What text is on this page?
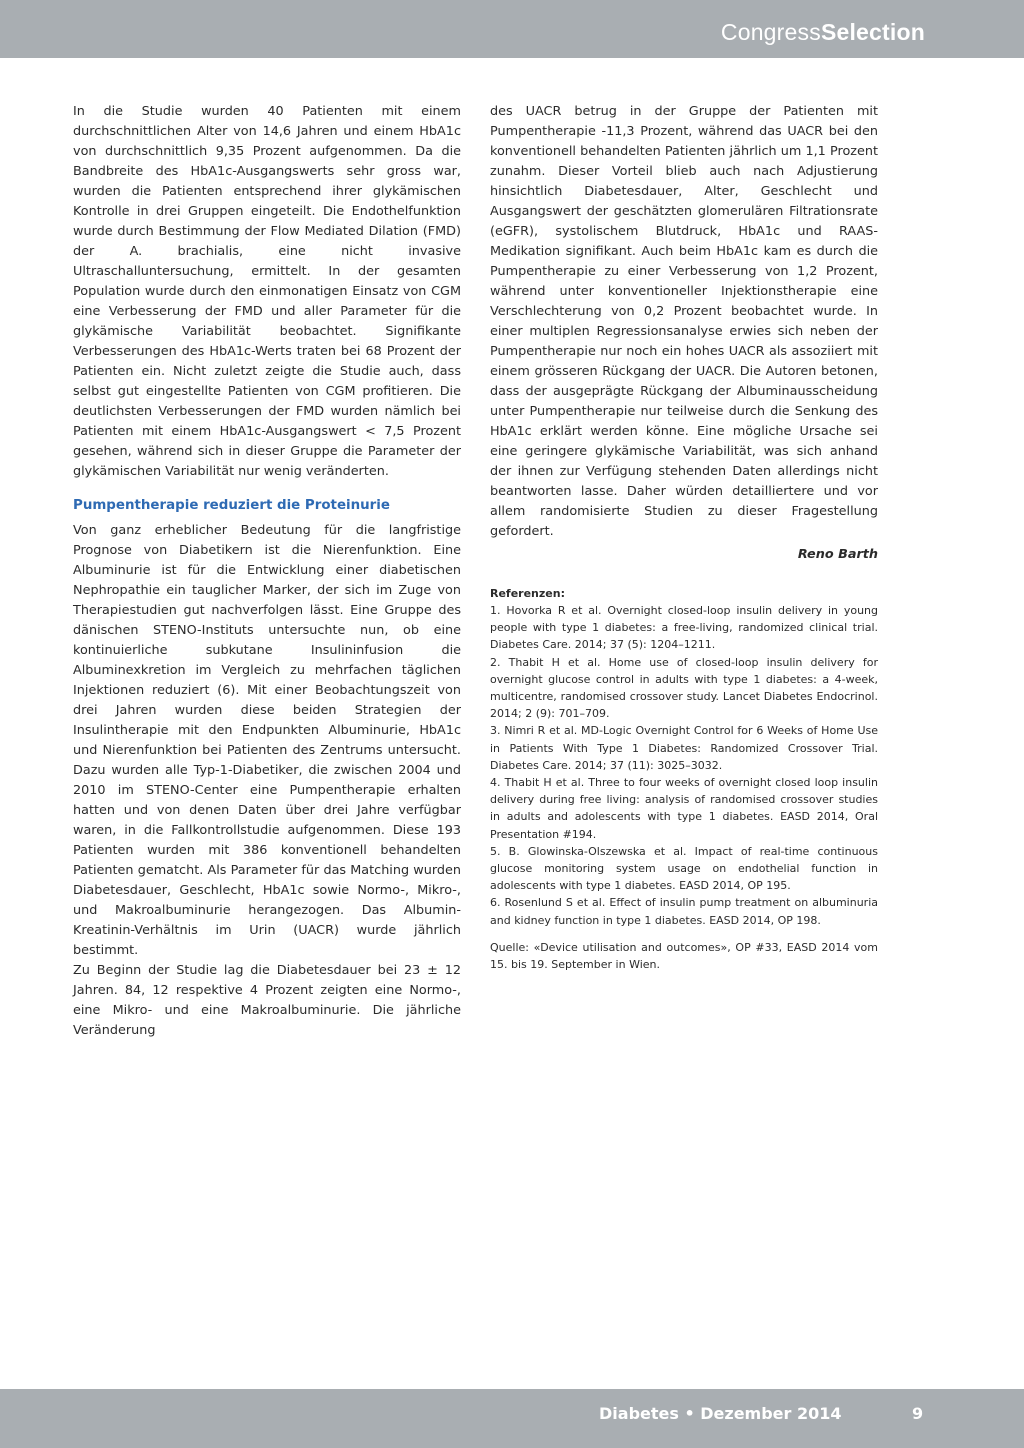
CongressSelection

In die Studie wurden 40 Patienten mit einem durchschnittlichen Alter von 14,6 Jahren und einem HbA1c von durchschnittlich 9,35 Prozent aufgenommen. Da die Bandbreite des HbA1c-Ausgangswerts sehr gross war, wurden die Patienten entsprechend ihrer glykämischen Kontrolle in drei Gruppen eingeteilt. Die Endothelfunktion wurde durch Bestimmung der Flow Mediated Dilation (FMD) der A. brachialis, eine nicht invasive Ultraschalluntersuchung, ermittelt. In der gesamten Population wurde durch den einmonatigen Einsatz von CGM eine Verbesserung der FMD und aller Parameter für die glykämische Variabilität beobachtet. Signifikante Verbesserungen des HbA1c-Werts traten bei 68 Prozent der Patienten ein. Nicht zuletzt zeigte die Studie auch, dass selbst gut eingestellte Patienten von CGM profitieren. Die deutlichsten Verbesserungen der FMD wurden nämlich bei Patienten mit einem HbA1c-Ausgangswert < 7,5 Prozent gesehen, während sich in dieser Gruppe die Parameter der glykämischen Variabilität nur wenig veränderten.

Pumpentherapie reduziert die Proteinurie

Von ganz erheblicher Bedeutung für die langfristige Prognose von Diabetikern ist die Nierenfunktion. Eine Albuminurie ist für die Entwicklung einer diabetischen Nephropathie ein tauglicher Marker, der sich im Zuge von Therapiestudien gut nachverfolgen lässt. Eine Gruppe des dänischen STENO-Instituts untersuchte nun, ob eine kontinuierliche subkutane Insulininfusion die Albuminexkretion im Vergleich zu mehrfachen täglichen Injektionen reduziert (6). Mit einer Beobachtungszeit von drei Jahren wurden diese beiden Strategien der Insulintherapie mit den Endpunkten Albuminurie, HbA1c und Nierenfunktion bei Patienten des Zentrums untersucht. Dazu wurden alle Typ-1-Diabetiker, die zwischen 2004 und 2010 im STENO-Center eine Pumpentherapie erhalten hatten und von denen Daten über drei Jahre verfügbar waren, in die Fallkontrollstudie aufgenommen. Diese 193 Patienten wurden mit 386 konventionell behandelten Patienten gematcht. Als Parameter für das Matching wurden Diabetesdauer, Geschlecht, HbA1c sowie Normo-, Mikro-, und Makroalbuminurie herangezogen. Das Albumin-Kreatinin-Verhältnis im Urin (UACR) wurde jährlich bestimmt.

Zu Beginn der Studie lag die Diabetesdauer bei 23 ± 12 Jahren. 84, 12 respektive 4 Prozent zeigten eine Normo-, eine Mikro- und eine Makroalbuminurie. Die jährliche Veränderung

des UACR betrug in der Gruppe der Patienten mit Pumpentherapie -11,3 Prozent, während das UACR bei den konventionell behandelten Patienten jährlich um 1,1 Prozent zunahm. Dieser Vorteil blieb auch nach Adjustierung hinsichtlich Diabetesdauer, Alter, Geschlecht und Ausgangswert der geschätzten glomerulären Filtrationsrate (eGFR), systolischem Blutdruck, HbA1c und RAAS-Medikation signifikant. Auch beim HbA1c kam es durch die Pumpentherapie zu einer Verbesserung von 1,2 Prozent, während unter konventioneller Injektionstherapie eine Verschlechterung von 0,2 Prozent beobachtet wurde. In einer multiplen Regressionsanalyse erwies sich neben der Pumpentherapie nur noch ein hohes UACR als assoziiert mit einem grösseren Rückgang der UACR. Die Autoren betonen, dass der ausgeprägte Rückgang der Albuminausscheidung unter Pumpentherapie nur teilweise durch die Senkung des HbA1c erklärt werden könne. Eine mögliche Ursache sei eine geringere glykämische Variabilität, was sich anhand der ihnen zur Verfügung stehenden Daten allerdings nicht beantworten lasse. Daher würden detailliertere und vor allem randomisierte Studien zu dieser Fragestellung gefordert.

Reno Barth

Referenzen:

1. Hovorka R et al. Overnight closed-loop insulin delivery in young people with type 1 diabetes: a free-living, randomized clinical trial. Diabetes Care. 2014; 37 (5): 1204–1211.

2. Thabit H et al. Home use of closed-loop insulin delivery for overnight glucose control in adults with type 1 diabetes: a 4-week, multicentre, randomised crossover study. Lancet Diabetes Endocrinol. 2014; 2 (9): 701–709.

3. Nimri R et al. MD-Logic Overnight Control for 6 Weeks of Home Use in Patients With Type 1 Diabetes: Randomized Crossover Trial. Diabetes Care. 2014; 37 (11): 3025–3032.

4. Thabit H et al. Three to four weeks of overnight closed loop insulin delivery during free living: analysis of randomised crossover studies in adults and adolescents with type 1 diabetes. EASD 2014, Oral Presentation #194.

5. B. Glowinska-Olszewska et al. Impact of real-time continuous glucose monitoring system usage on endothelial function in adolescents with type 1 diabetes. EASD 2014, OP 195.

6. Rosenlund S et al. Effect of insulin pump treatment on albuminuria and kidney function in type 1 diabetes. EASD 2014, OP 198.

Quelle: «Device utilisation and outcomes», OP #33, EASD 2014 vom 15. bis 19. September in Wien.

Diabetes • Dezember 2014	9
